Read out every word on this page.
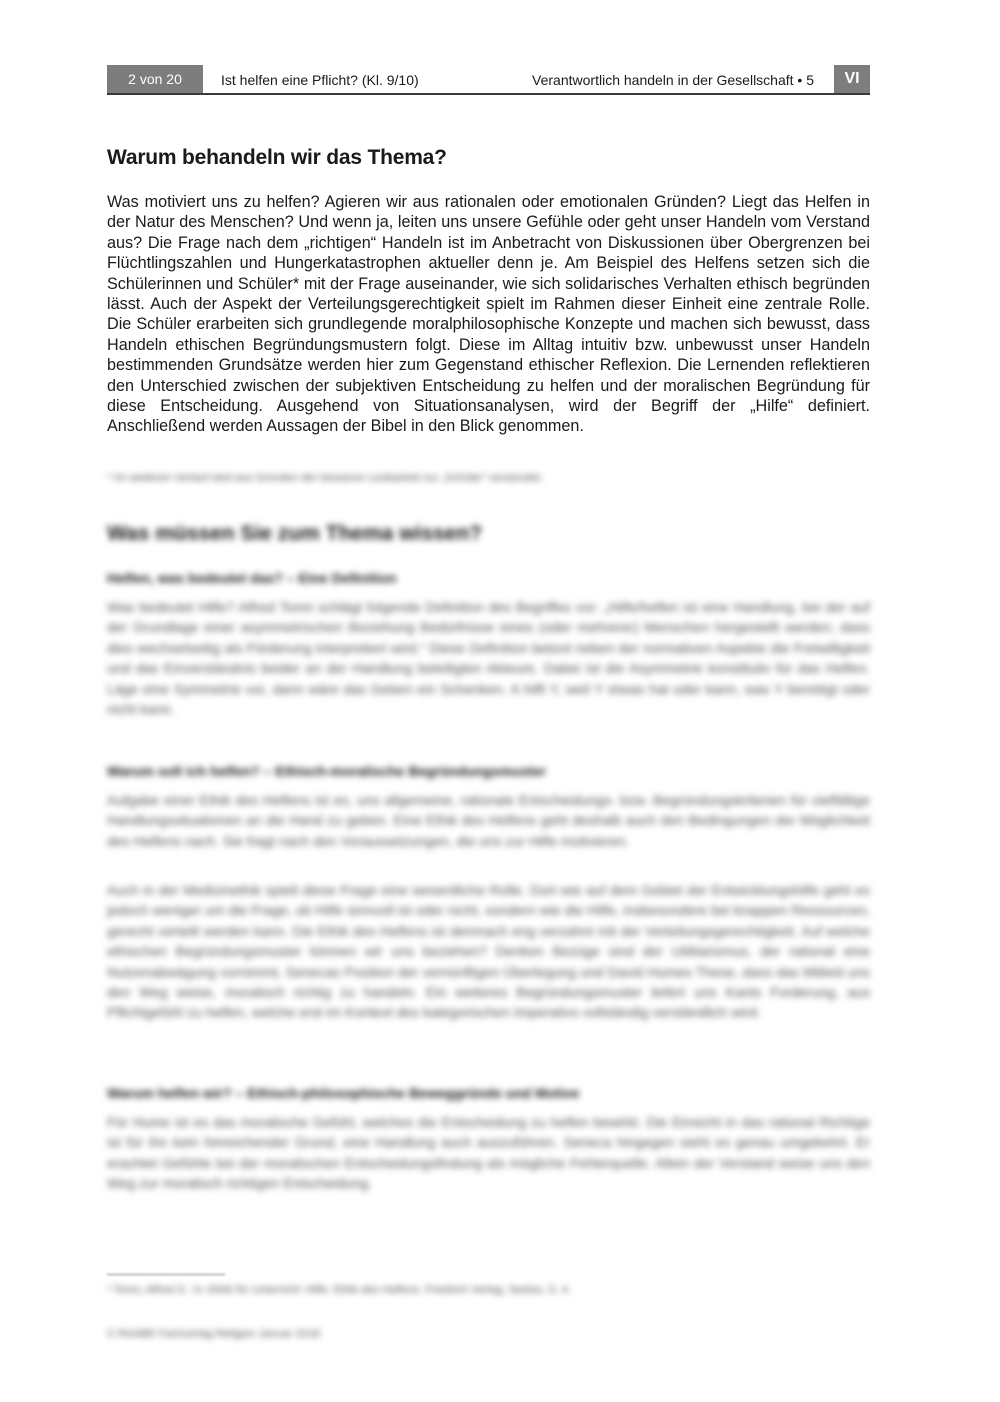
2 von 20	Ist helfen eine Pflicht? (Kl. 9/10)	Verantwortlich handeln in der Gesellschaft • 5	VI
Warum behandeln wir das Thema?

Was motiviert uns zu helfen? Agieren wir aus rationalen oder emotionalen Gründen? Liegt das Helfen in der Natur des Menschen? Und wenn ja, leiten uns unsere Gefühle oder geht unser Handeln vom Verstand aus? Die Frage nach dem „richtigen“ Handeln ist im Anbetracht von Diskussionen über Obergrenzen bei Flüchtlingszahlen und Hungerkatastrophen aktueller denn je. Am Beispiel des Helfens setzen sich die Schülerinnen und Schüler* mit der Frage auseinander, wie sich solidarisches Verhalten ethisch begründen lässt. Auch der Aspekt der Verteilungsgerechtigkeit spielt im Rahmen dieser Einheit eine zentrale Rolle. Die Schüler erarbeiten sich grundlegende moralphilosophische Konzepte und machen sich bewusst, dass Handeln ethischen Begründungsmustern folgt. Diese im Alltag intuitiv bzw. unbewusst unser Handeln bestimmenden Grundsätze werden hier zum Gegenstand ethischer Reflexion. Die Lernenden reflektieren den Unterschied zwischen der subjektiven Entscheidung zu helfen und der moralischen Begründung für diese Entscheidung. Ausgehend von Situationsanalysen, wird der Begriff der „Hilfe“ definiert. Anschließend werden Aussagen der Bibel in den Blick genommen.

* Im weiteren Verlauf wird aus Gründen der besseren Lesbarkeit nur „Schüler“ verwendet.
Was müssen Sie zum Thema wissen?
Helfen, was bedeutet das? – Eine Definition

Was bedeutet Hilfe? Alfred Tonni schlägt folgende Definition des Begriffes vor: „Hilfe/helfen ist eine Handlung, bei der auf der Grundlage einer asymmetrischen Beziehung Bedürfnisse eines (oder mehrerer) Menschen hergestellt werden, dass dies wechselseitig als Förderung interpretiert wird.“ Diese Definition betont neben der normativen Aspekte die Freiwilligkeit und das Einverständnis beider an der Handlung beteiligten Akteure. Dabei ist die Asymmetrie konstitutiv für das Helfen. Läge eine Symmetrie vor, dann wäre das Geben ein Schenken. A hilft Y, weil Y etwas hat oder kann, was Y benötigt oder nicht kann.

Warum soll ich helfen? – Ethisch-moralische Begründungsmuster

Aufgabe einer Ethik des Helfens ist es, uns allgemeine, rationale Entscheidungs- bzw. Begründungskriterien für vielfältige Handlungssituationen an die Hand zu geben. Eine Ethik des Helfens geht deshalb auch den Bedingungen der Möglichkeit des Helfens nach. Sie fragt nach den Voraussetzungen, die uns zur Hilfe motivieren.

Auch in der Medizinethik spielt diese Frage eine wesentliche Rolle. Dort wie auf dem Gebiet der Entwicklungshilfe geht es jedoch weniger um die Frage, ob Hilfe sinnvoll ist oder nicht, sondern wie die Hilfe, insbesondere bei knappen Ressourcen, gerecht verteilt werden kann. Die Ethik des Helfens ist demnach eng verzahnt mit der Verteilungsgerechtigkeit. Auf welche ethischen Begründungsmuster können wir uns beziehen? Denken Bezüge sind der Utilitarismus, der rational eine Nutzenabwägung vornimmt, Senecas Position der vernünftigen Überlegung und David Humes These, dass das Mitleid uns den Weg weise, moralisch richtig zu handeln. Ein weiteres Begründungsmuster liefert uns Kants Forderung, aus Pflichtgefühl zu helfen, welche erst im Kontext des kategorischen Imperativs vollständig verständlich wird.

Warum helfen wir? – Ethisch-philosophische Beweggründe und Motive

Für Hume ist es das moralische Gefühl, welches die Entscheidung zu helfen bewirkt. Die Einsicht in das rational Richtige ist für ihn kein hinreichender Grund, eine Handlung auch auszuführen. Seneca hingegen sieht es genau umgekehrt. Er erachtet Gefühle bei der moralischen Entscheidungsfindung als mögliche Fehlerquelle. Allein der Verstand weise uns den Weg zur moralisch richtigen Entscheidung.

¹ Tonni, Alfred S.: in: Ethik für Unterricht: Hilfe: Ethik des Helfens. Friedrich Verlag, Seelze, S. 4.
© RAABE Fachverlag Religion Januar 2018
